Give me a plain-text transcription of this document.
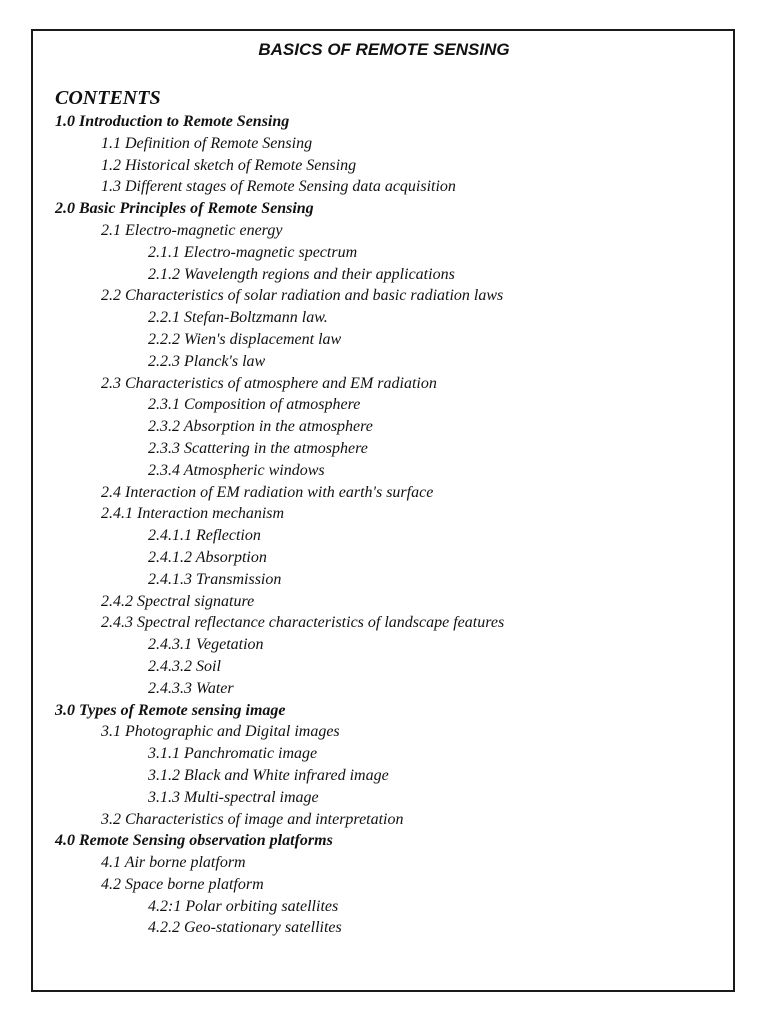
BASICS OF REMOTE SENSING
CONTENTS
1.0 Introduction to Remote Sensing
1.1 Definition of Remote Sensing
1.2 Historical sketch of Remote Sensing
1.3 Different stages of Remote Sensing data acquisition
2.0 Basic Principles of Remote Sensing
2.1 Electro-magnetic energy
2.1.1 Electro-magnetic spectrum
2.1.2 Wavelength regions and their applications
2.2 Characteristics of solar radiation and basic radiation laws
2.2.1 Stefan-Boltzmann law.
2.2.2 Wien's displacement law
2.2.3 Planck's law
2.3 Characteristics of atmosphere and EM radiation
2.3.1 Composition of atmosphere
2.3.2 Absorption in the atmosphere
2.3.3 Scattering in the atmosphere
2.3.4 Atmospheric windows
2.4 Interaction of EM radiation with earth's surface
2.4.1 Interaction mechanism
2.4.1.1 Reflection
2.4.1.2 Absorption
2.4.1.3 Transmission
2.4.2 Spectral signature
2.4.3 Spectral reflectance characteristics of landscape features
2.4.3.1 Vegetation
2.4.3.2 Soil
2.4.3.3 Water
3.0 Types of Remote sensing image
3.1 Photographic and Digital images
3.1.1 Panchromatic image
3.1.2 Black and White infrared image
3.1.3 Multi-spectral image
3.2 Characteristics of image and interpretation
4.0 Remote Sensing observation platforms
4.1 Air borne platform
4.2 Space borne platform
4.2:1 Polar orbiting satellites
4.2.2 Geo-stationary satellites
